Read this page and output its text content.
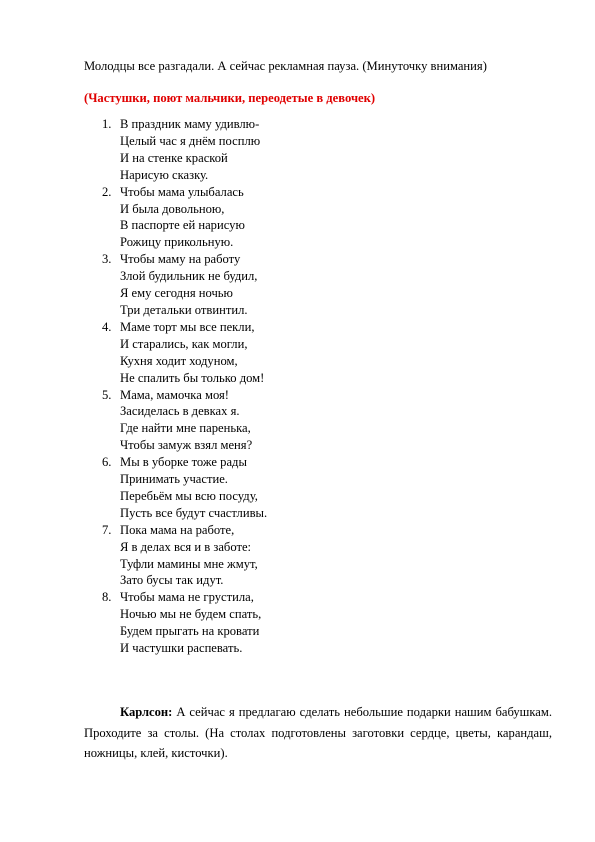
Молодцы все разгадали. А сейчас рекламная пауза. (Минуточку внимания)
(Частушки, поют мальчики, переодетые в девочек)
1. В праздник маму удивлю-
Целый час я днём посплю
И на стенке краской
Нарисую сказку.
2. Чтобы мама улыбалась
И была довольною,
В паспорте ей нарисую
Рожицу прикольную.
3. Чтобы маму на работу
Злой будильник не будил,
Я ему сегодня ночью
Три детальки отвинтил.
4. Маме торт мы все пекли,
И старались, как могли,
Кухня ходит ходуном,
Не спалить бы только дом!
5. Мама, мамочка моя!
Засиделась в девках я.
Где найти мне паренька,
Чтобы замуж взял меня?
6. Мы в уборке тоже рады
Принимать участие.
Перебьём мы всю посуду,
Пусть все будут счастливы.
7. Пока мама на работе,
Я в делах вся и в заботе:
Туфли мамины мне жмут,
Зато бусы так идут.
8. Чтобы мама не грустила,
Ночью мы не будем спать,
Будем прыгать на кровати
И частушки распевать.

Карлсон: А сейчас я предлагаю сделать небольшие подарки нашим бабушкам. Проходите за столы. (На столах подготовлены заготовки сердце, цветы, карандаш, ножницы, клей, кисточки).
